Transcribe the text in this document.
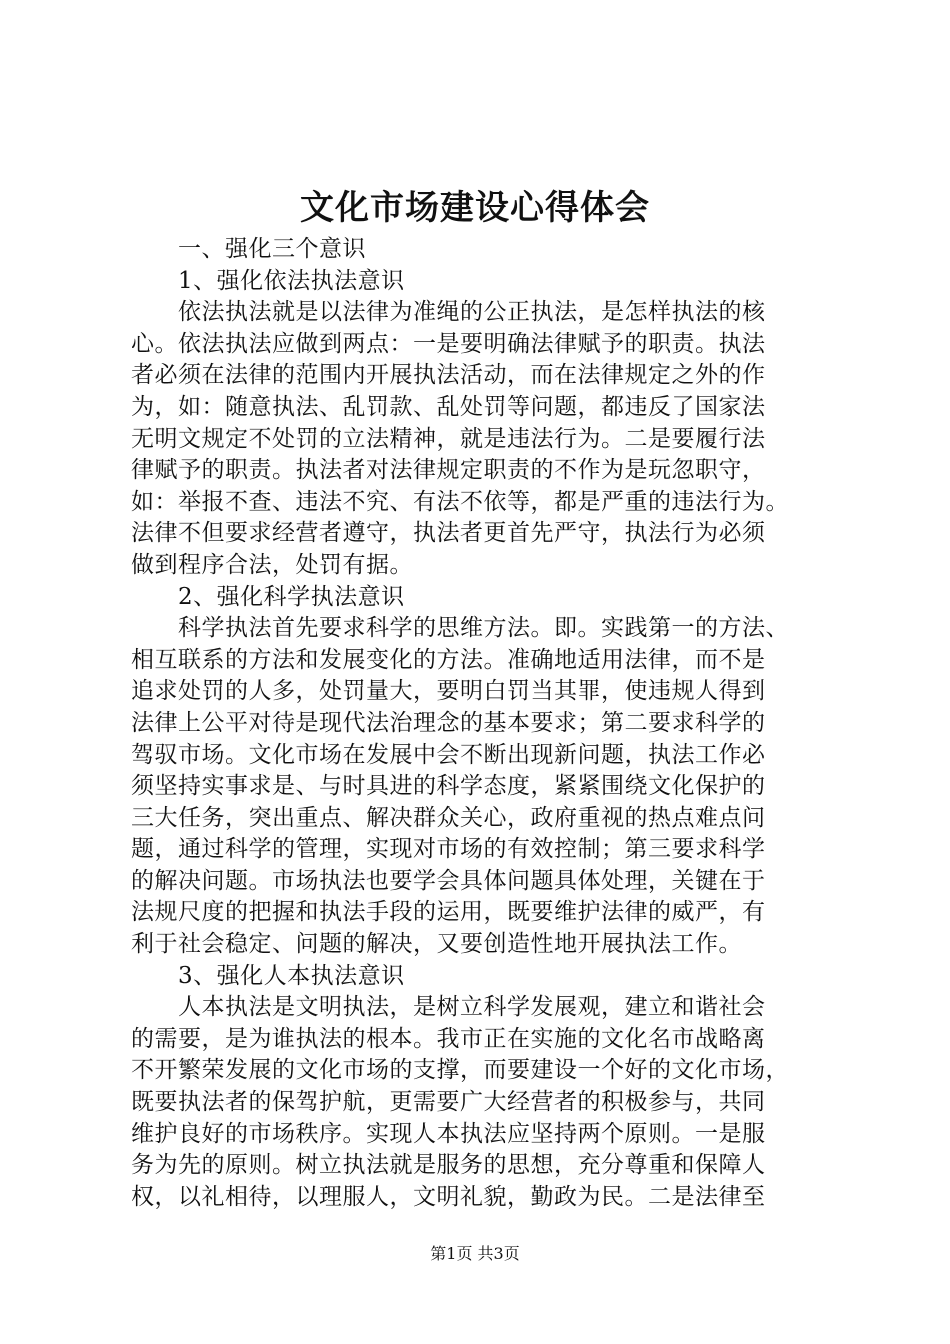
文化市场建设心得体会
　　一、强化三个意识
　　1、强化依法执法意识
　　依法执法就是以法律为准绳的公正执法，是怎样执法的核
心。依法执法应做到两点：一是要明确法律赋予的职责。执法
者必须在法律的范围内开展执法活动，而在法律规定之外的作
为，如：随意执法、乱罚款、乱处罚等问题，都违反了国家法
无明文规定不处罚的立法精神，就是违法行为。二是要履行法
律赋予的职责。执法者对法律规定职责的不作为是玩忽职守，
如：举报不查、违法不究、有法不依等，都是严重的违法行为。
法律不但要求经营者遵守，执法者更首先严守，执法行为必须
做到程序合法，处罚有据。
　　2、强化科学执法意识
　　科学执法首先要求科学的思维方法。即。实践第一的方法、
相互联系的方法和发展变化的方法。准确地适用法律，而不是
追求处罚的人多，处罚量大，要明白罚当其罪，使违规人得到
法律上公平对待是现代法治理念的基本要求；第二要求科学的
驾驭市场。文化市场在发展中会不断出现新问题，执法工作必
须坚持实事求是、与时具进的科学态度，紧紧围绕文化保护的
三大任务，突出重点、解决群众关心，政府重视的热点难点问
题，通过科学的管理，实现对市场的有效控制；第三要求科学
的解决问题。市场执法也要学会具体问题具体处理，关键在于
法规尺度的把握和执法手段的运用，既要维护法律的威严，有
利于社会稳定、问题的解决，又要创造性地开展执法工作。
　　3、强化人本执法意识
　　人本执法是文明执法，是树立科学发展观，建立和谐社会
的需要，是为谁执法的根本。我市正在实施的文化名市战略离
不开繁荣发展的文化市场的支撑，而要建设一个好的文化市场，
既要执法者的保驾护航，更需要广大经营者的积极参与，共同
维护良好的市场秩序。实现人本执法应坚持两个原则。一是服
务为先的原则。树立执法就是服务的思想，充分尊重和保障人
权，以礼相待，以理服人，文明礼貌，勤政为民。二是法律至
第1页 共3页
